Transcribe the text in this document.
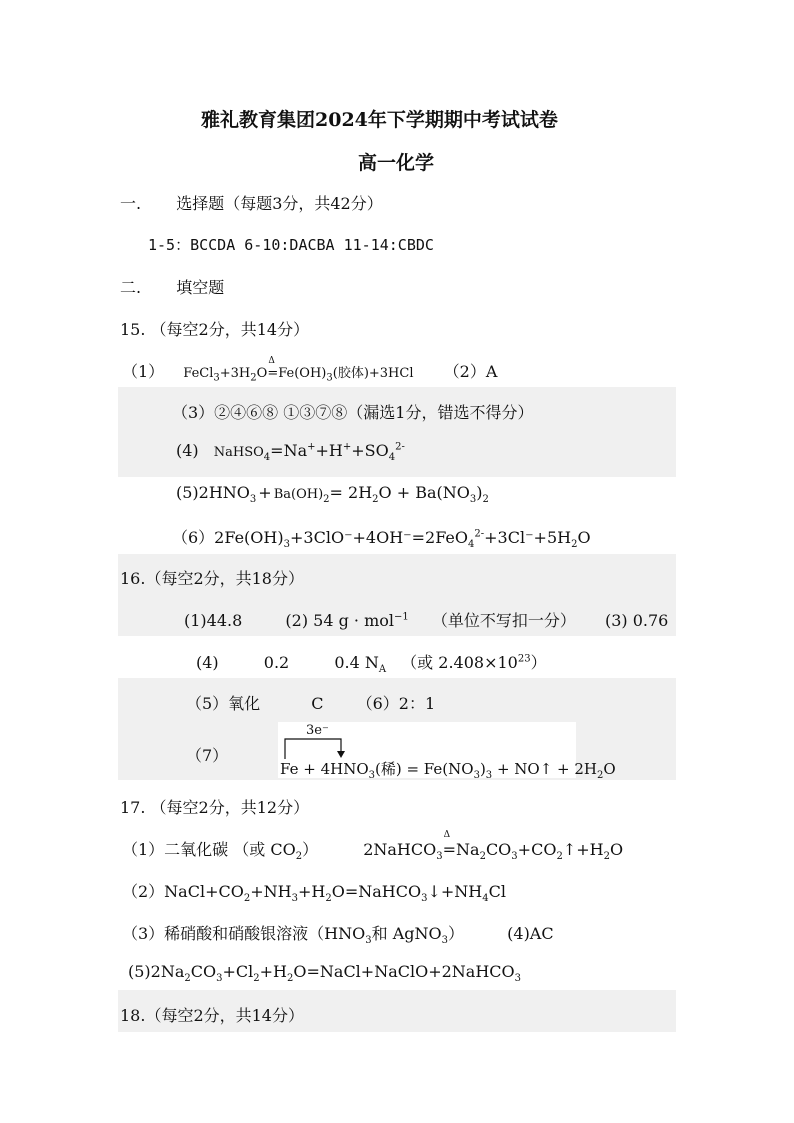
雅礼教育集团2024年下学期期中考试试卷
高一化学
一. 选择题（每题3分，共42分）
1-5：BCCDA 6-10:DACBA 11-14:CBDC
二. 填空题
15. （每空2分，共14分）
（1） $FeCl_3+3H_2O\Delta =Fe(OH)_3$(胶体)+3HCl （2）A
（3）②④⑥⑧ ①③⑦⑧（漏选1分，错选不得分）
(4) $NaHSO_4=Na^++H^++SO_4^{2-}$
$(5)2HNO_3 + Ba(OH)_2= 2H_2O + Ba(NO_3)_2$
$(6)2Fe(OH)_3+3ClO^-+4OH^-=2FeO_4^{2-}+3Cl^-+5H_2O$
16.（每空2分，共18分）
(1)44.8	(2) 54 g · mol$^{-1}$ （单位不写扣一分） (3) 0.76
(4)	0.2	0.4 $N_A$ （或 $2.408\times 10^{23}$）
（5）氧化	C （6）2：1
（7）
3e⁻
$Fe + 4HNO_3$(稀) = $Fe(NO_3)_3$ + NO↑ + $2H_2O$
17. （每空2分，共12分）
（1）二氧化碳 （或 $CO_2$）	2NaHCO$_3$Δ $=Na_2CO_3+CO_2↑+H_2O$
$(2)NaCl+CO_2+NH_3+H_2O=NaHCO_3↓+NH_4Cl$
（3）稀硝酸和硝酸银溶液（$HNO_3$和 AgNO$_3$）	(4)AC
$(5)2Na_2CO_3+Cl_2+H_2O=NaCl+NaClO+2NaHCO_3$
18.（每空2分，共14分）
